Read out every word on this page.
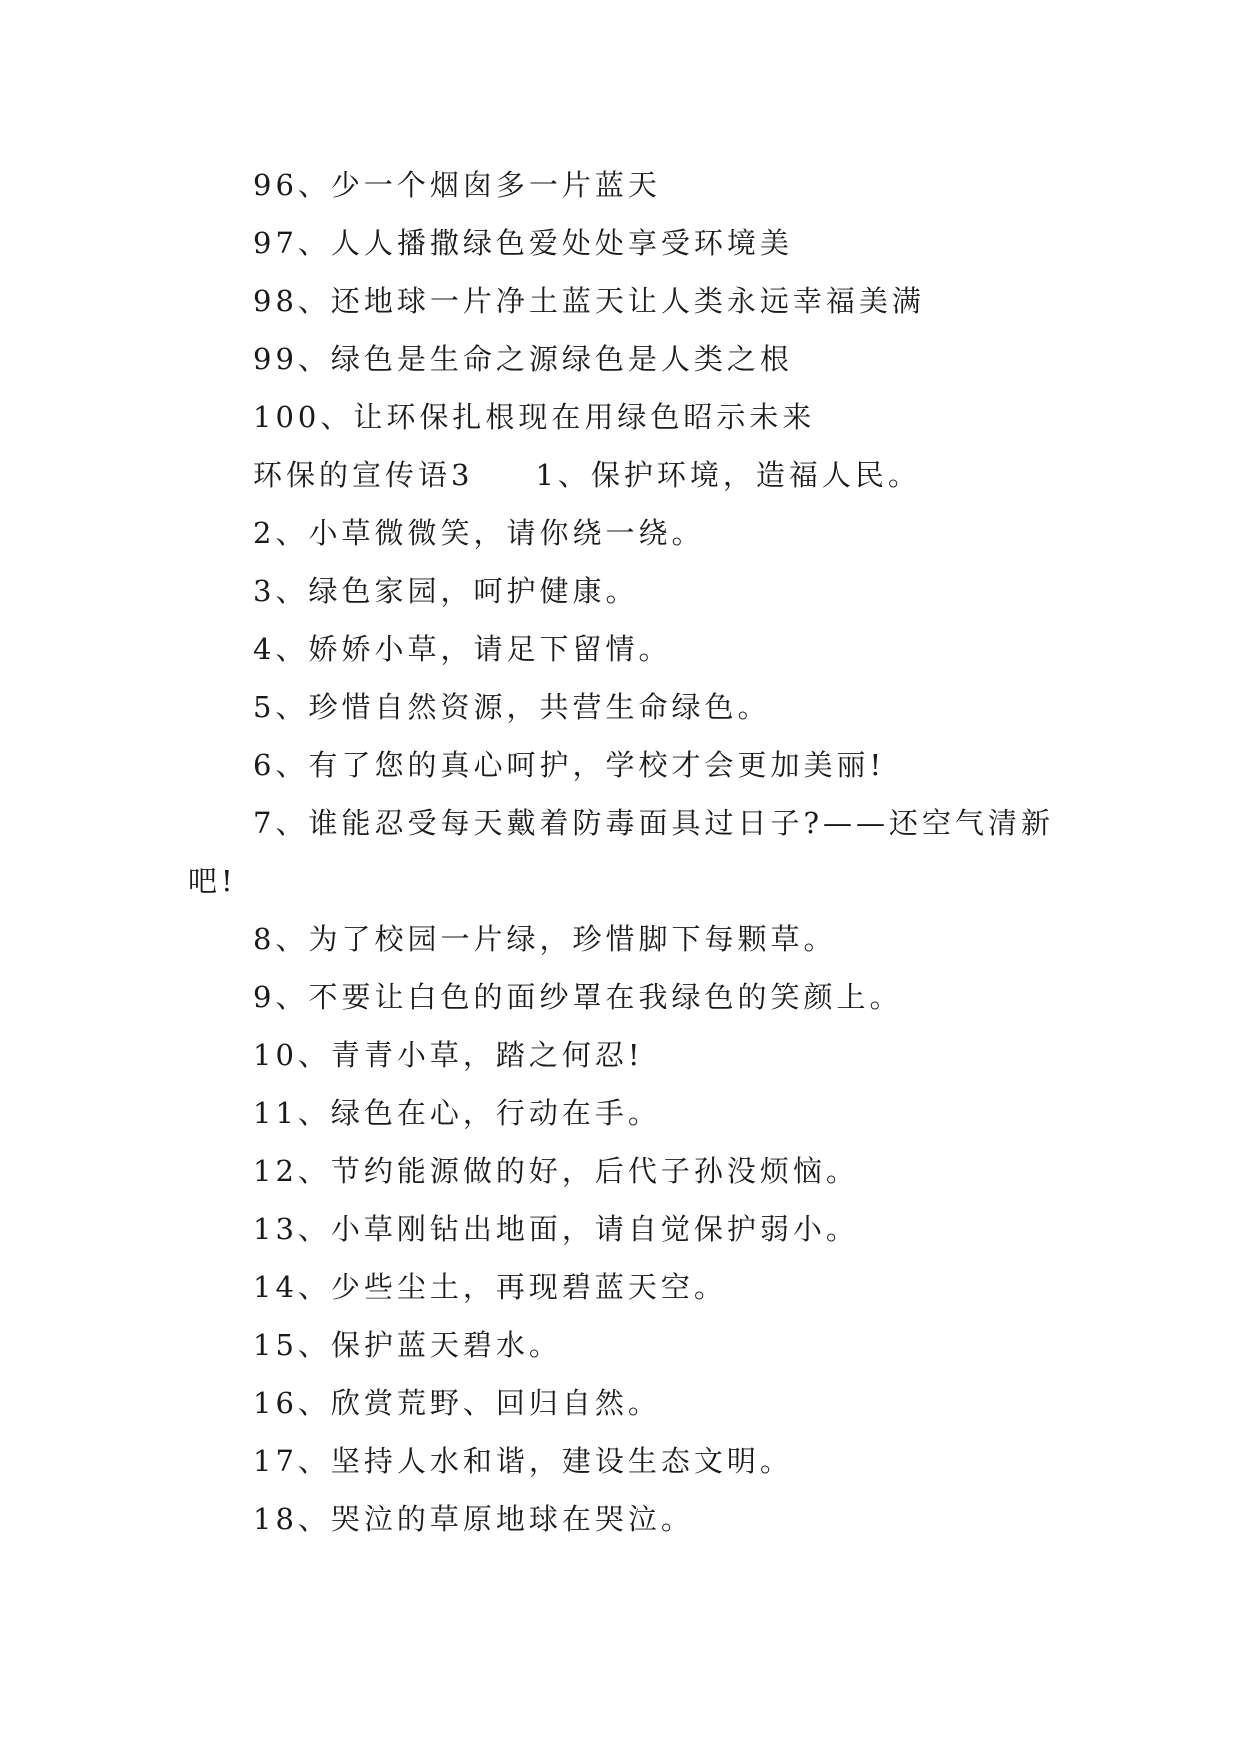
96、少一个烟囱多一片蓝天
97、人人播撒绿色爱处处享受环境美
98、还地球一片净土蓝天让人类永远幸福美满
99、绿色是生命之源绿色是人类之根
100、让环保扎根现在用绿色昭示未来
环保的宣传语3 1、保护环境，造福人民。
2、小草微微笑，请你绕一绕。
3、绿色家园，呵护健康。
4、娇娇小草，请足下留情。
5、珍惜自然资源，共营生命绿色。
6、有了您的真心呵护，学校才会更加美丽!
7、谁能忍受每天戴着防毒面具过日子?——还空气清新
吧!
8、为了校园一片绿，珍惜脚下每颗草。
9、不要让白色的面纱罩在我绿色的笑颜上。
10、青青小草，踏之何忍!
11、绿色在心，行动在手。
12、节约能源做的好，后代子孙没烦恼。
13、小草刚钻出地面，请自觉保护弱小。
14、少些尘土，再现碧蓝天空。
15、保护蓝天碧水。
16、欣赏荒野、回归自然。
17、坚持人水和谐，建设生态文明。
18、哭泣的草原地球在哭泣。
